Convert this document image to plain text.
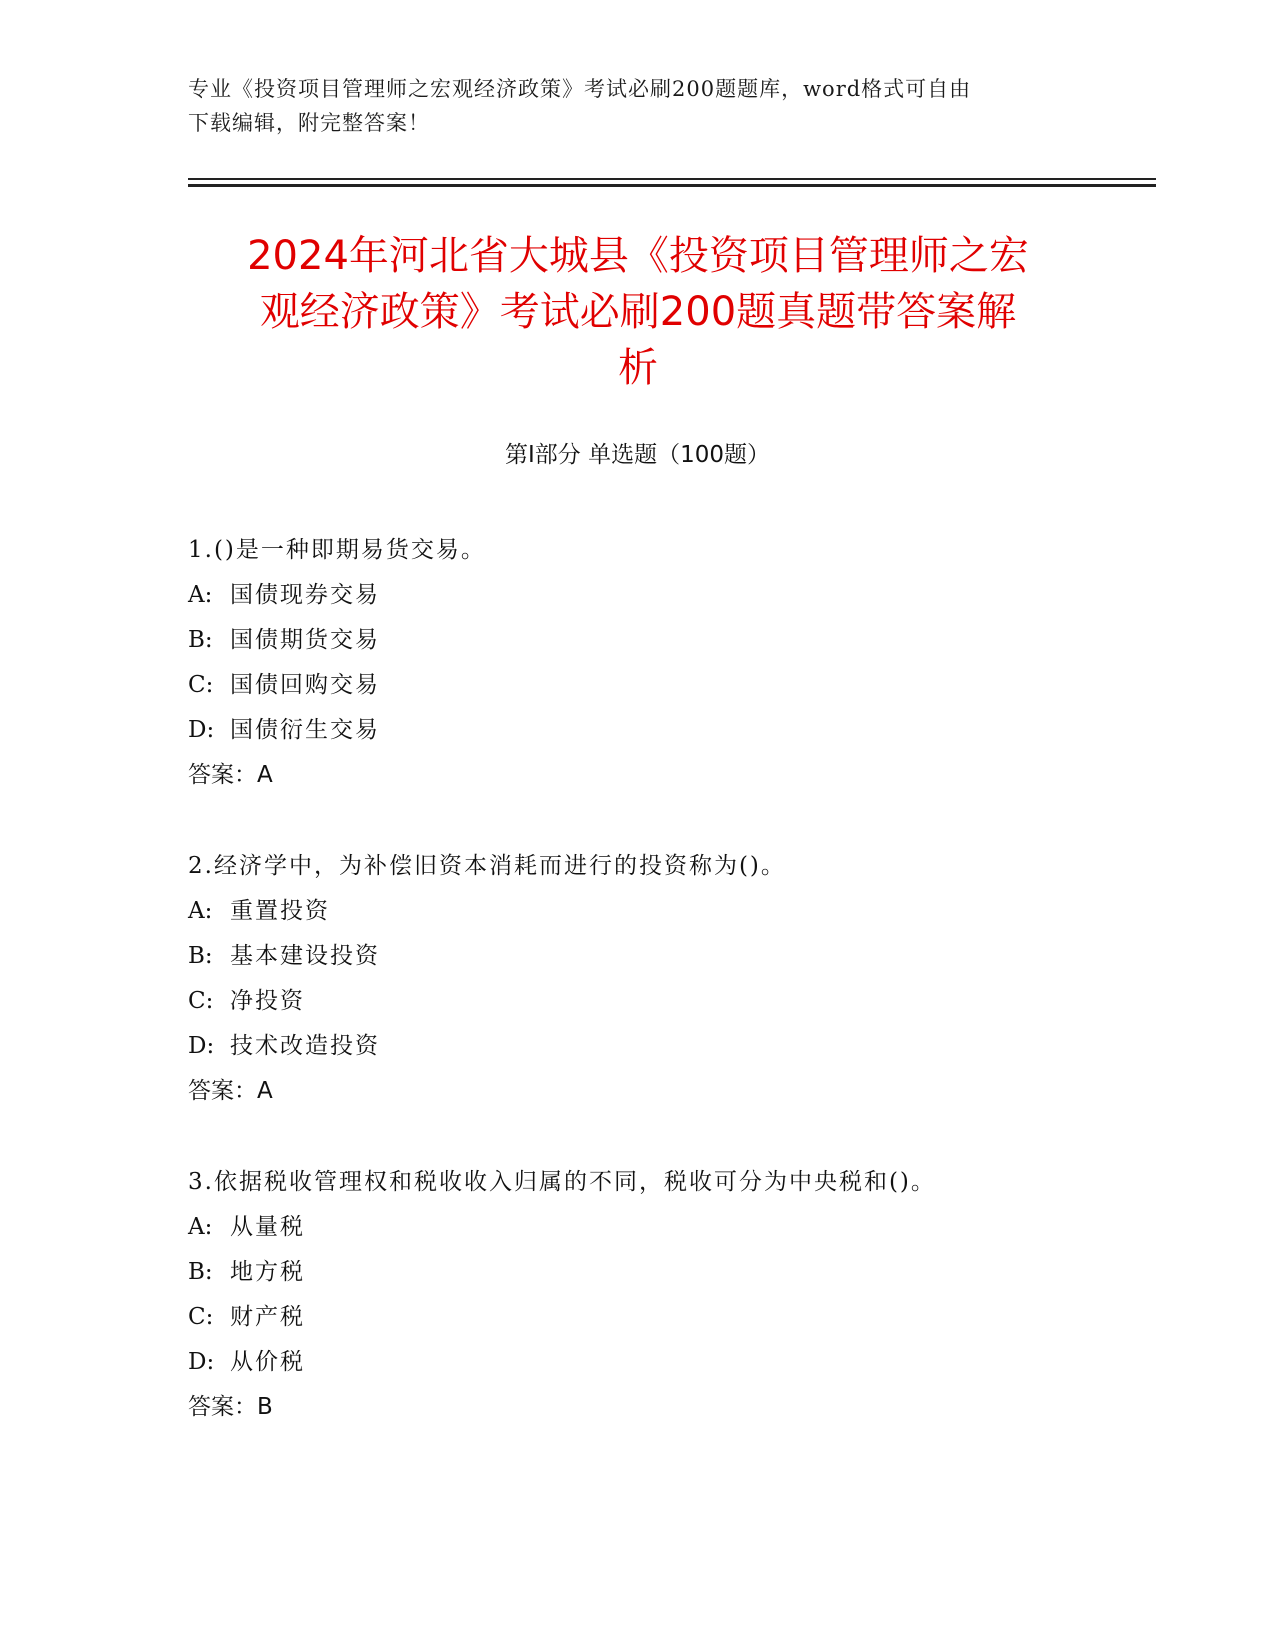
专业《投资项目管理师之宏观经济政策》考试必刷200题题库，word格式可自由
下载编辑，附完整答案！
2024年河北省大城县《投资项目管理师之宏
观经济政策》考试必刷200题真题带答案解
析
第Ⅰ部分 单选题（100题）
1.()是一种即期易货交易。
A: 国债现券交易
B: 国债期货交易
C: 国债回购交易
D: 国债衍生交易
答案：A
2.经济学中，为补偿旧资本消耗而进行的投资称为()。
A: 重置投资
B: 基本建设投资
C: 净投资
D: 技术改造投资
答案：A
3.依据税收管理权和税收收入归属的不同，税收可分为中央税和()。
A: 从量税
B: 地方税
C: 财产税
D: 从价税
答案：B
